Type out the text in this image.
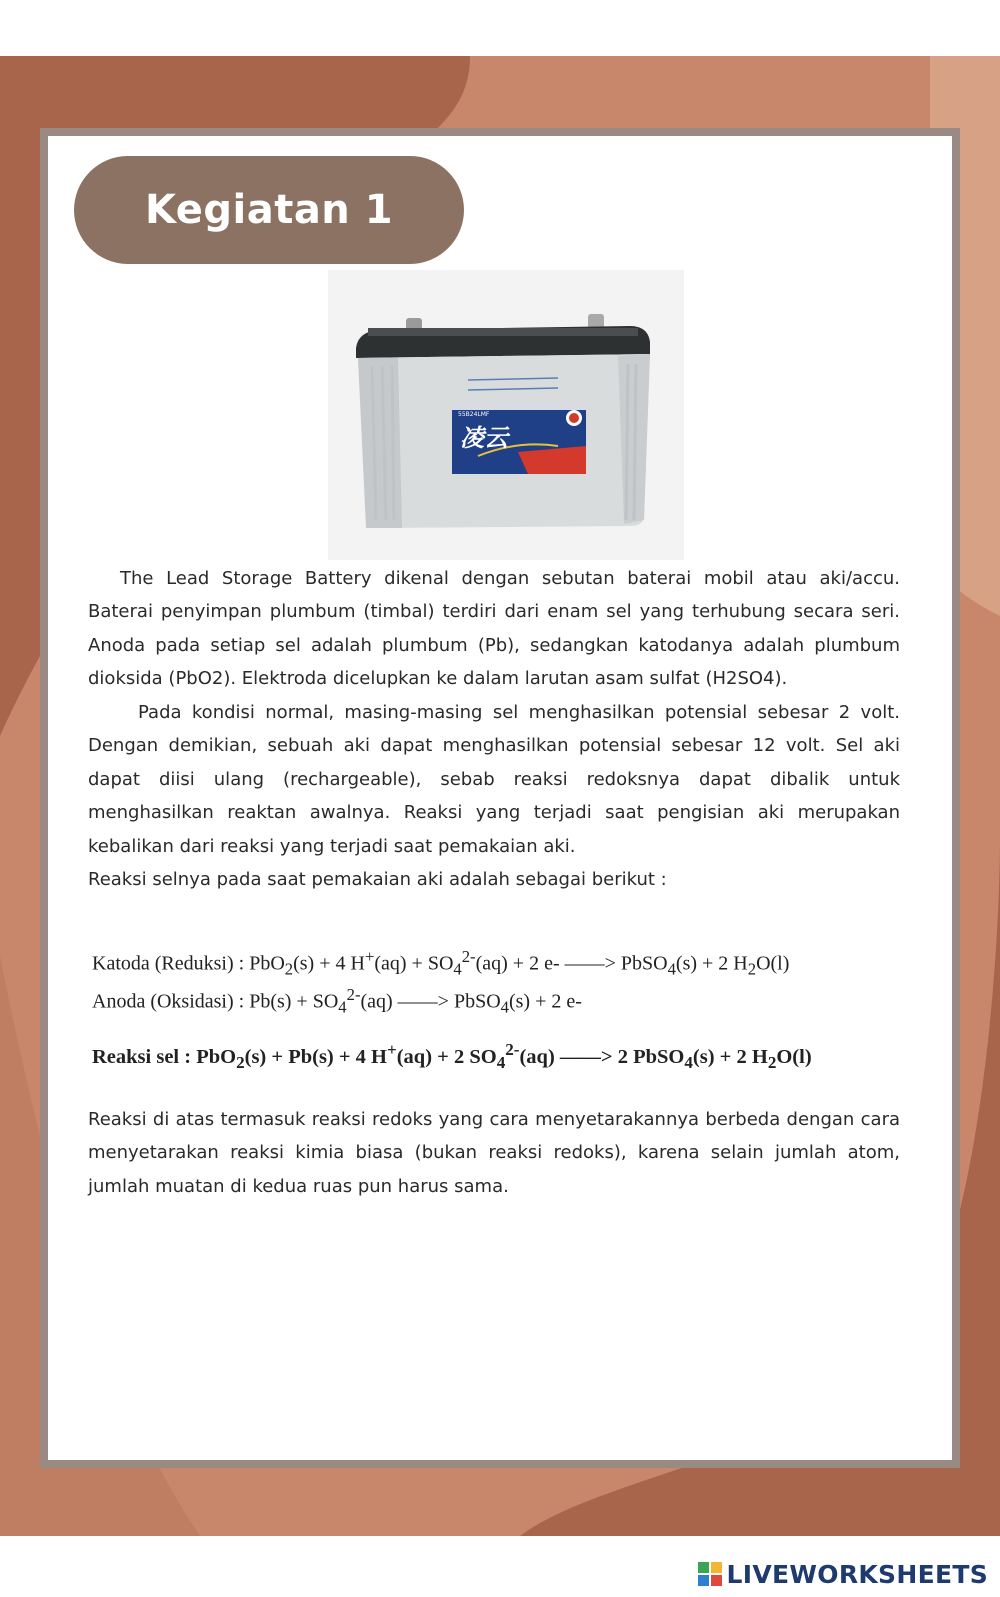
Kegiatan 1
55B24LMF
凌云

The Lead Storage Battery dikenal dengan sebutan baterai mobil atau aki/accu. Baterai penyimpan plumbum (timbal) terdiri dari enam sel yang terhubung secara seri. Anoda pada setiap sel adalah plumbum (Pb), sedangkan katodanya adalah plumbum dioksida (PbO2). Elektroda dicelupkan ke dalam larutan asam sulfat (H2SO4).

Pada kondisi normal, masing-masing sel menghasilkan potensial sebesar 2 volt. Dengan demikian, sebuah aki dapat menghasilkan potensial sebesar 12 volt. Sel aki dapat diisi ulang (rechargeable), sebab reaksi redoksnya dapat dibalik untuk menghasilkan reaktan awalnya. Reaksi yang terjadi saat pengisian aki merupakan kebalikan dari reaksi yang terjadi saat pemakaian aki.

Reaksi selnya pada saat pemakaian aki adalah sebagai berikut :

Katoda (Reduksi) : PbO$_2$(s) + 4 $H^+(aq) + SO_4^{2-}(aq) + 2$ e- ——> PbSO$_4$(s) + 2 $H_2O(l)$

Anoda (Oksidasi) : $Pb(s) + SO_4^{2-}(aq)$ ——> PbSO$_4$(s) + 2 e-

Reaksi sel : PbO$_2$(s) + Pb(s) + 4 H+(aq) + 2 $SO_4^{2-}(aq)$ ——> 2 PbSO$_4$(s) + 2 $H_2O(l)$

Reaksi di atas termasuk reaksi redoks yang cara menyetarakannya berbeda dengan cara menyetarakan reaksi kimia biasa (bukan reaksi redoks), karena selain jumlah atom, jumlah muatan di kedua ruas pun harus sama.

LIVEWORKSHEETS
